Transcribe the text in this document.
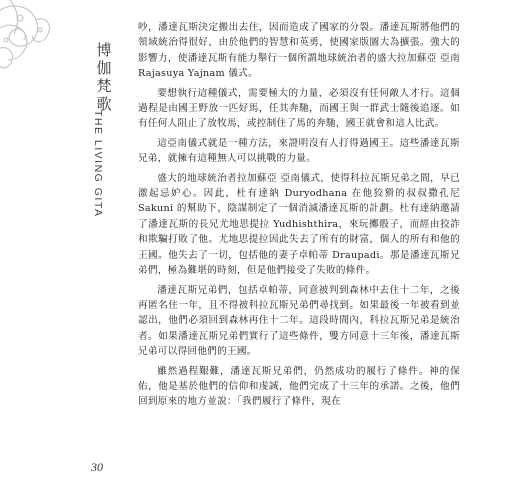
博伽梵歌
THE LIVING GITA

吵，潘達瓦斯決定搬出去住，因而造成了國家的分裂。潘達瓦斯將他們的領域統治得很好，由於他們的智慧和英勇，使國家版圖大為擴張。強大的影響力，使潘達瓦斯有能力舉行一個所謂地球統治者的盛大拉加蘇亞 亞南 Rajasuya Yajnam 儀式。

要想執行這種儀式，需要極大的力量，必須沒有任何敵人才行。這個過程是由國王野放一匹好馬，任其奔馳，而國王與一群武士隨後追逐。如有任何人阻止了放牧馬，或控制住了馬的奔馳，國王就會和這人比武。

這亞南儀式就是一種方法，來證明沒有人打得過國王。這些潘達瓦斯兄弟，就擁有這種無人可以挑戰的力量。

盛大的地球統治者拉加蘇亞 亞南儀式，使得科拉瓦斯兄弟之間，早已激起忌妒心。因此，杜有達納 Duryodhana 在他狡猾的叔叔撒孔尼 Sakuni 的幫助下，陰謀制定了一個消滅潘達瓦斯的計劃。杜有達納邀請了潘達瓦斯的長兄尤地思提拉 Yudhishthira，來玩擲骰子，而經由狡詐和欺騙打敗了他。尤地思提拉因此失去了所有的財富，個人的所有和他的王國。他失去了一切，包括他的妻子卓帕蒂 Draupadi。那是潘達瓦斯兄弟們，極為難堪的時刻，但是他們接受了失敗的條件。

潘達瓦斯兄弟們，包括卓帕蒂，同意被判到森林中去住十二年，之後再匿名住一年，且不得被科拉瓦斯兄弟們尋找到。如果最後一年被看到並認出，他們必須回到森林再住十二年。這段時間內，科拉瓦斯兄弟是統治者。如果潘達瓦斯兄弟們實行了這些條件，雙方同意十三年後，潘達瓦斯兄弟可以得回他們的王國。

雖然過程艱難，潘達瓦斯兄弟們，仍然成功的履行了條件。神的保佑，他是基於他們的信仰和虔誠，他們完成了十三年的承諾。之後，他們回到原來的地方並說：「我們履行了條件，現在

30
